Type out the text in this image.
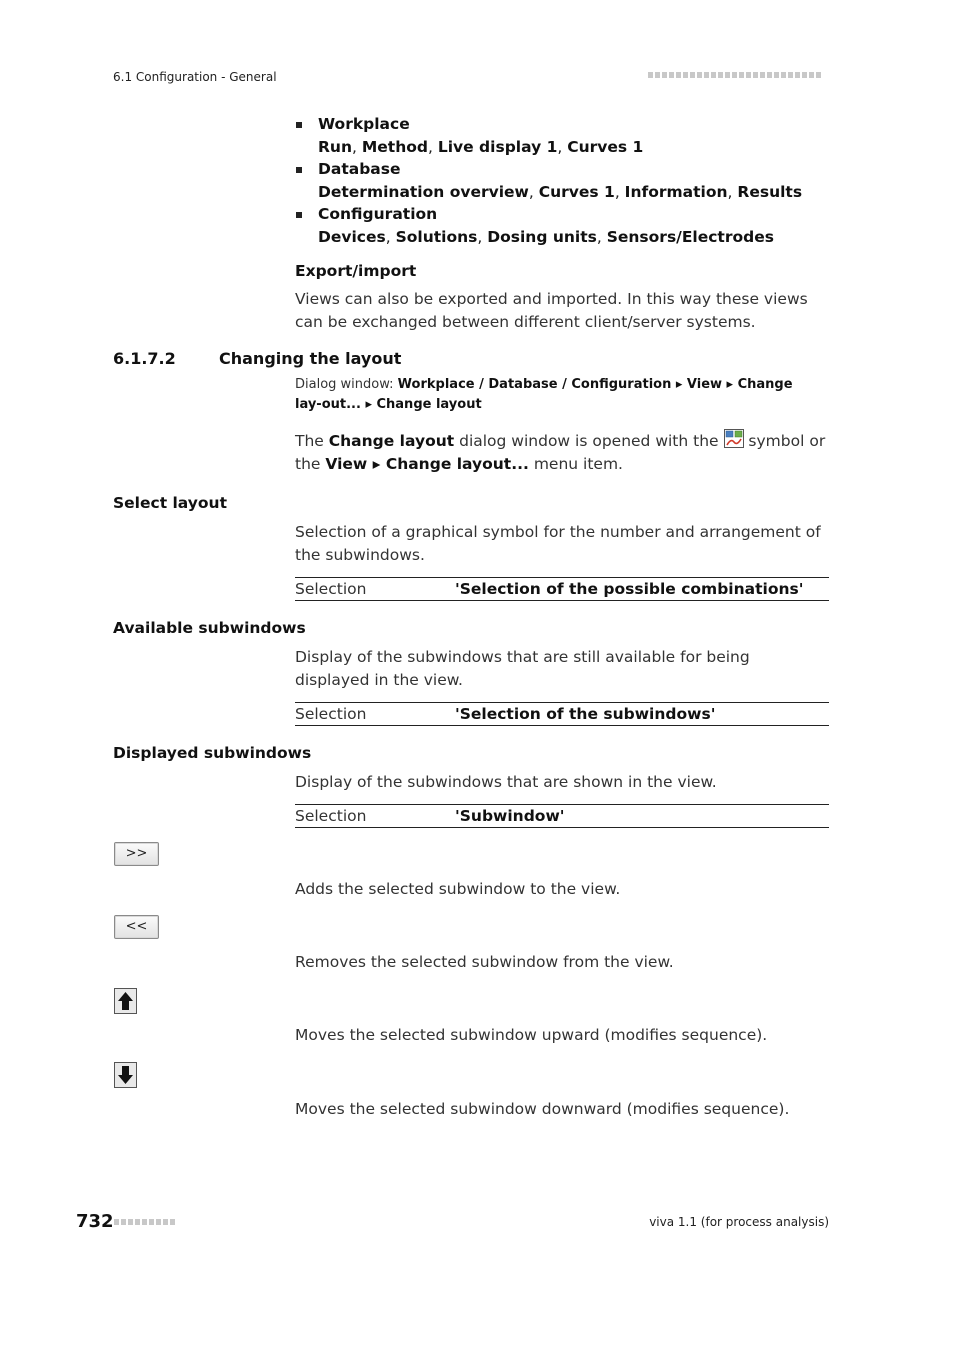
6.1 Configuration - General
Workplace
Run, Method, Live display 1, Curves 1
Database
Determination overview, Curves 1, Information, Results
Configuration
Devices, Solutions, Dosing units, Sensors/Electrodes
Export/import
Views can also be exported and imported. In this way these views can be exchanged between different client/server systems.
6.1.7.2	Changing the layout
Dialog window: Workplace / Database / Configuration ▸ View ▸ Change lay-out... ▸ Change layout
The Change layout dialog window is opened with the  symbol or the View ▸ Change layout... menu item.
Select layout
Selection of a graphical symbol for the number and arrangement of the subwindows.
Selection	'Selection of the possible combinations'
Available subwindows
Display of the subwindows that are still available for being displayed in the view.
Selection	'Selection of the subwindows'
Displayed subwindows
Display of the subwindows that are shown in the view.
Selection	'Subwindow'
>>
Adds the selected subwindow to the view.
<<
Removes the selected subwindow from the view.
Moves the selected subwindow upward (modifies sequence).
Moves the selected subwindow downward (modifies sequence).
732	viva 1.1 (for process analysis)
